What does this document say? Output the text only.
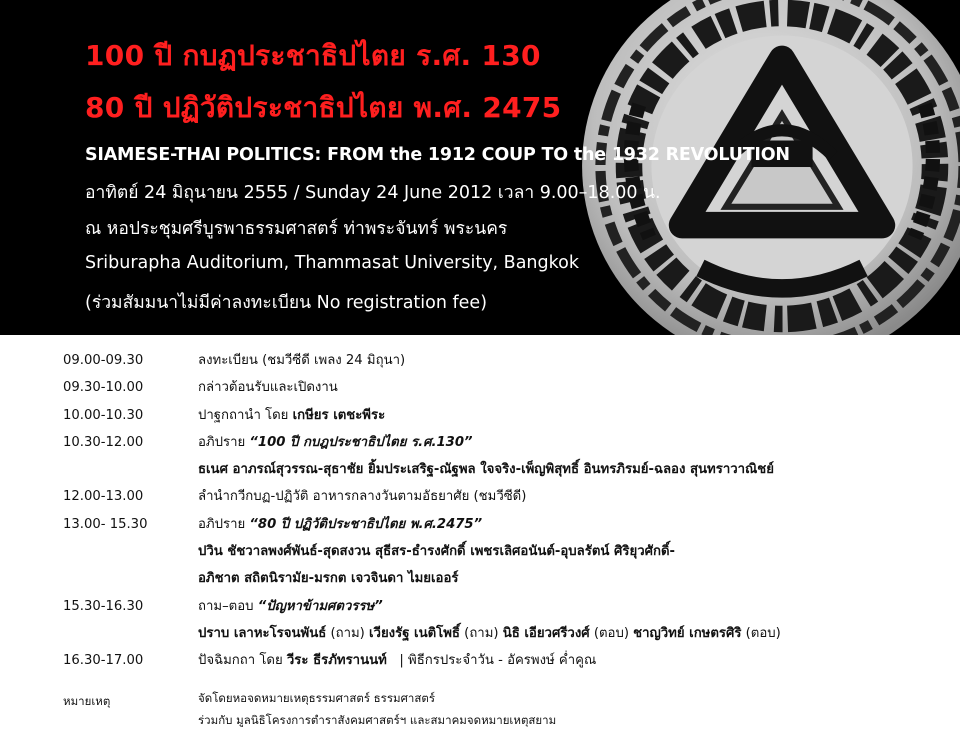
100 ปี กบฏประชาธิปไตย ร.ศ. 130
80 ปี ปฏิวัติประชาธิปไตย พ.ศ. 2475
SIAMESE-THAI POLITICS: FROM the 1912 COUP TO the 1932 REVOLUTION
อาทิตย์ 24 มิถุนายน 2555 / Sunday 24 June 2012 เวลา 9.00–18.00 น.
ณ หอประชุมศรีบูรพาธรรมศาสตร์ ท่าพระจันทร์ พระนคร
Sriburapha Auditorium, Thammasat University, Bangkok
(ร่วมสัมมนาไม่มีค่าลงทะเบียน No registration fee)
09.00-09.30	ลงทะเบียน (ชมวีซีดี เพลง 24 มิถุนา)
09.30-10.00	กล่าวต้อนรับและเปิดงาน
10.00-10.30	ปาฐกถานำ โดย เกษียร เตชะพีระ
10.30-12.00	อภิปราย “100 ปี กบฎประชาธิปไตย ร.ศ.130”
ธเนศ อาภรณ์สุวรรณ-สุธาชัย ยิ้มประเสริฐ-ณัฐพล ใจจริง-เพ็ญพิสุทธิ์ อินทรภิรมย์-ฉลอง สุนทราวาณิชย์
12.00-13.00	ลำนำกวีกบฏ-ปฏิวัติ อาหารกลางวันตามอัธยาศัย (ชมวีซีดี)
13.00- 15.30	อภิปราย “80 ปี ปฏิวัติประชาธิปไตย พ.ศ.2475”
ปวิน ชัชวาลพงศ์พันธ์-สุดสงวน สุธีสร-ธำรงศักดิ์ เพชรเลิศอนันต์-อุบลรัตน์ ศิริยุวศักดิ์-
อภิชาต สถิตนิรามัย-มรกต เจวจินดา ไมยเออร์
15.30-16.30	ถาม–ตอบ “ปัญหาข้ามศตวรรษ”
ปราบ เลาหะโรจนพันธ์ (ถาม) เวียงรัฐ เนติโพธิ์ (ถาม) นิธิ เอียวศรีวงศ์ (ตอบ) ชาญวิทย์ เกษตรศิริ (ตอบ)
16.30-17.00	ปัจฉิมกถา โดย วีระ ธีรภัทรานนท์   | พิธีกรประจำวัน - อัครพงษ์ ค่ำคูณ
หมายเหตุ	จัดโดยหอจดหมายเหตุธรรมศาสตร์ ธรรมศาสตร์
ร่วมกับ มูลนิธิโครงการตำราสังคมศาสตร์ฯ และสมาคมจดหมายเหตุสยาม
